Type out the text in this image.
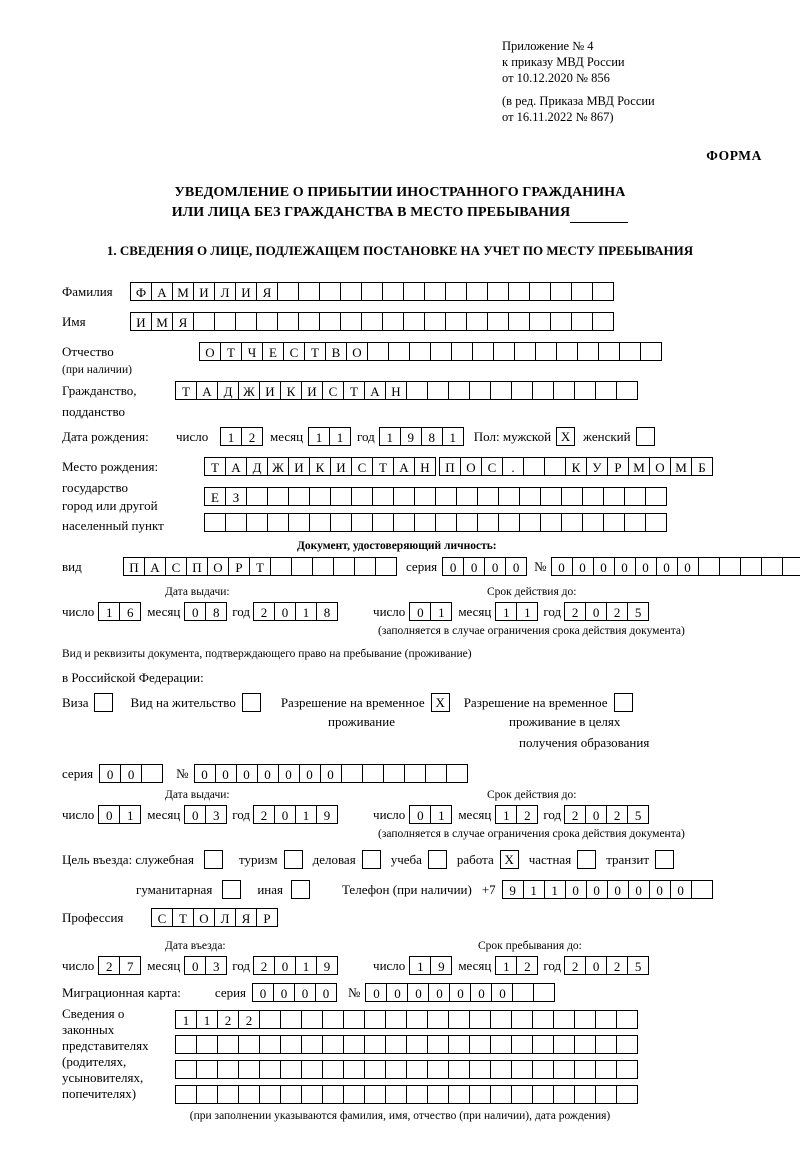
Приложение № 4
к приказу МВД России
от 10.12.2020 № 856
(в ред. Приказа МВД России
от 16.11.2022 № 867)
ФОРМА
УВЕДОМЛЕНИЕ О ПРИБЫТИИ ИНОСТРАННОГО ГРАЖДАНИНА
ИЛИ ЛИЦА БЕЗ ГРАЖДАНСТВА В МЕСТО ПРЕБЫВАНИЯ
1. СВЕДЕНИЯ О ЛИЦЕ, ПОДЛЕЖАЩЕМ ПОСТАНОВКЕ НА УЧЕТ ПО МЕСТУ ПРЕБЫВАНИЯ
Фамилия	Ф А М И Л И Я
Имя	И М Я
Отчество	О Т Ч Е С Т В О
(при наличии)
Гражданство,	Т А Д Ж И К И С Т А Н
подданство
Дата рождения:	число	1	2	месяц 1	1	год 1	9	8	1	Пол: мужской X женский
Место рождения:	Т А Д Ж И К И С Т А Н	П О С	.	К У Р М О М Б
государство
Е	З
город или другой
населенный пункт
Документ, удостоверяющий личность:
вид	П А С П О Р	Т	серия 0	0	0	0	№ 0	0	0	0	0	0	0
Дата выдачи:	Срок действия до:
число 1	6	месяц 0	8 год 2	0	1	8	число 0	1	месяц 1	1 год 2	0	2	5
(заполняется в случае ограничения срока действия документа)
Вид и реквизиты документа, подтверждающего право на пребывание (проживание)
в Российской Федерации:
Виза	Вид на жительство	Разрешение на временное X	Разрешение на временное
проживание	проживание в целях
получения образования
серия	0	0	№ 0	0	0	0	0	0	0
Дата выдачи:	Срок действия до:
число 0	1	месяц 0	3 год 2	0	1	9	число 0	1	месяц 1	2 год 2	0	2	5
(заполняется в случае ограничения срока действия документа)
Цель въезда: служебная	туризм	деловая	учеба	работа X	частная	транзит
гуманитарная	иная	Телефон (при наличии) +7	9	1	1	0	0	0	0	0	0
Профессия	С Т О Л Я	Р
Дата въезда:	Срок пребывания до:
число 2	7	месяц 0	3 год 2	0	1	9	число 1	9	месяц 1	2 год 2	0	2	5
Миграционная карта:	серия	0	0	0	0	№ 0	0	0	0	0	0	0
Сведения о
законных
представителях
(родителях,
усыновителях,
попечителях)
1	1	2	2
(при заполнении указываются фамилия, имя, отчество (при наличии), дата рождения)
